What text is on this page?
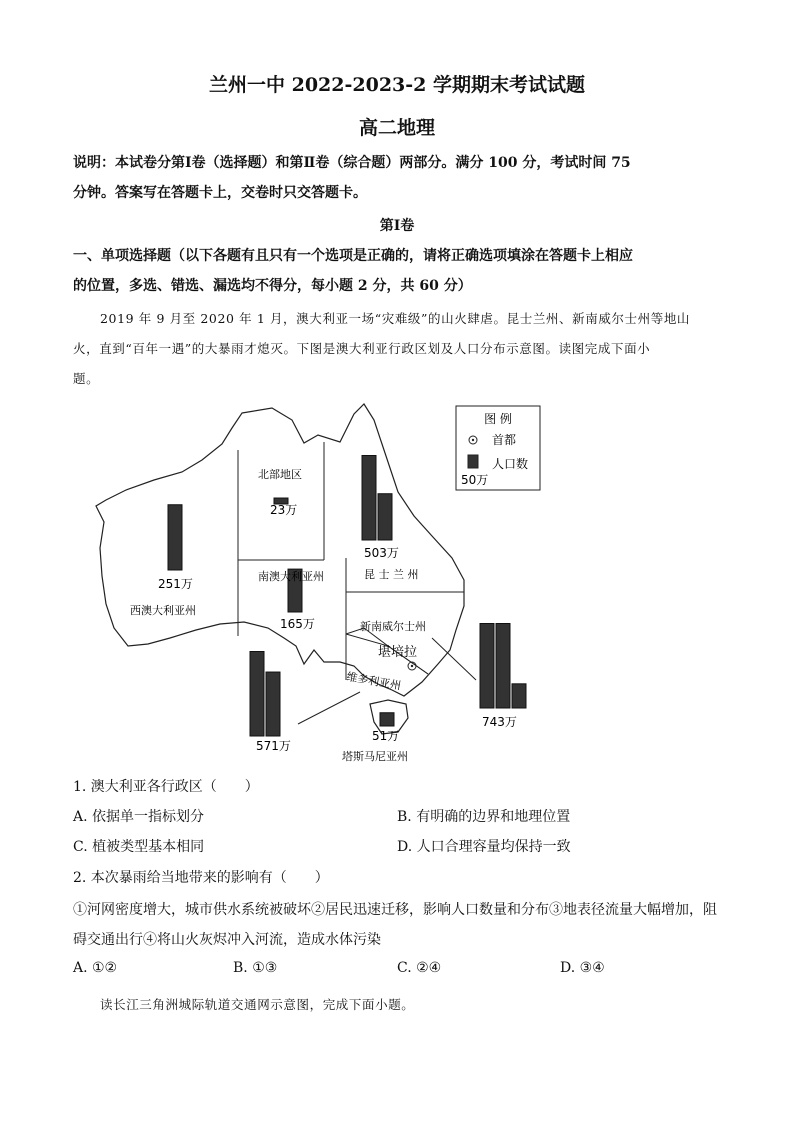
兰州一中 2022-2023-2 学期期末考试试题
高二地理
说明：本试卷分第Ⅰ卷（选择题）和第Ⅱ卷（综合题）两部分。满分 100 分，考试时间 75
分钟。答案写在答题卡上，交卷时只交答题卡。
第Ⅰ卷
一、单项选择题（以下各题有且只有一个选项是正确的，请将正确选项填涂在答题卡上相应
的位置，多选、错选、漏选均不得分，每小题 2 分，共 60 分）
2019 年 9 月至 2020 年 1 月，澳大利亚一场“灾难级”的山火肆虐。昆士兰州、新南威尔士州等地山
火，直到“百年一遇”的大暴雨才熄灭。下图是澳大利亚行政区划及人口分布示意图。读图完成下面小
题。
图 例
首都
人口数
50万
北部地区
23万
251万
西澳大利亚州
503万
昆 士 兰 州
南澳大利亚州
165万	新南威尔士州
堪培拉
743万
维多利亚州
571万
51万
塔斯马尼亚州
1. 澳大利亚各行政区（　　）
A. 依据单一指标划分	B. 有明确的边界和地理位置
C. 植被类型基本相同	D. 人口合理容量均保持一致
2. 本次暴雨给当地带来的影响有（　　）
①河网密度增大，城市供水系统被破坏②居民迅速迁移，影响人口数量和分布③地表径流量大幅增加，阻
碍交通出行④将山火灰烬冲入河流，造成水体污染
A. ①②	B. ①③	C. ②④	D. ③④
读长江三角洲城际轨道交通网示意图，完成下面小题。
